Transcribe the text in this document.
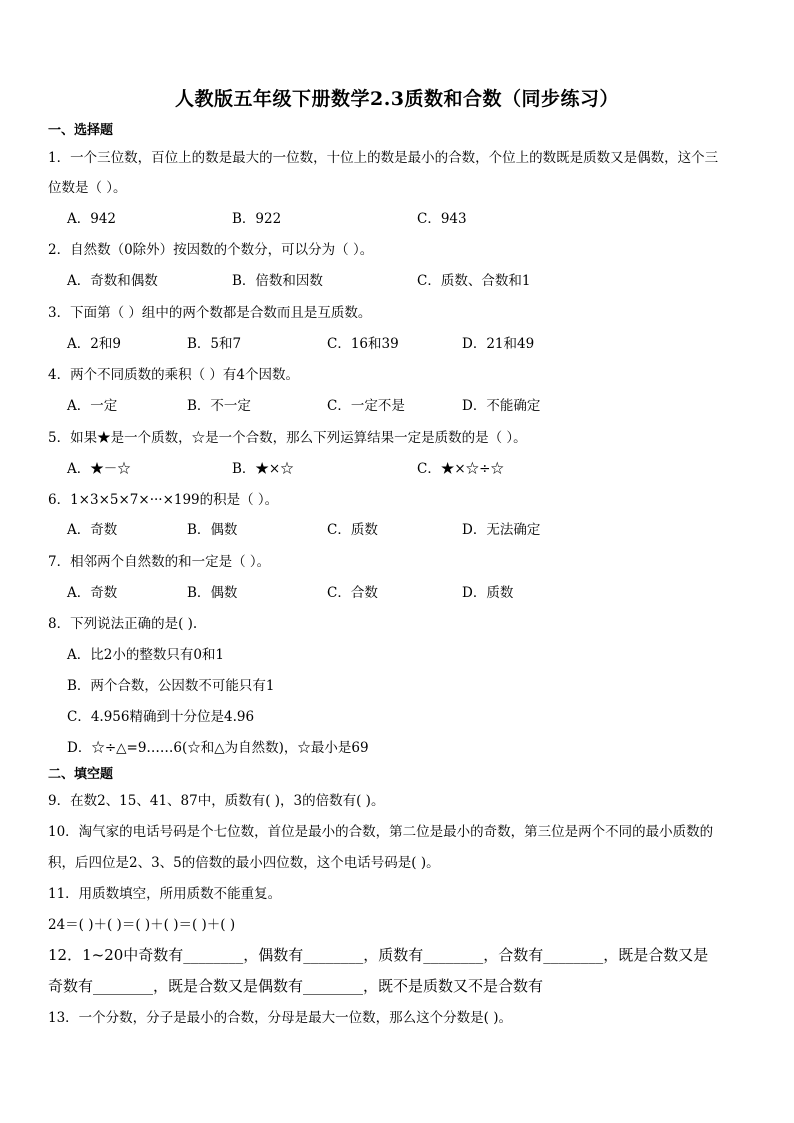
人教版五年级下册数学2.3质数和合数（同步练习）
一、选择题
1．一个三位数，百位上的数是最大的一位数，十位上的数是最小的合数，个位上的数既是质数又是偶数，这个三
位数是（ ）。
A．942	B．922	C．943
2．自然数（0除外）按因数的个数分，可以分为（ ）。
A．奇数和偶数	B．倍数和因数	C．质数、合数和1
3．下面第（ ）组中的两个数都是合数而且是互质数。
A．2和9	B．5和7	C．16和39	D．21和49
4．两个不同质数的乘积（ ）有4个因数。
A．一定	B．不一定	C．一定不是	D．不能确定
5．如果★是一个质数，☆是一个合数，那么下列运算结果一定是质数的是（ ）。
A．★－☆	B．★×☆	C．★×☆÷☆
6．1×3×5×7×···×199的积是（ ）。
A．奇数	B．偶数	C．质数	D．无法确定
7．相邻两个自然数的和一定是（ ）。
A．奇数	B．偶数	C．合数	D．质数
8．下列说法正确的是( ).
A．比2小的整数只有0和1
B．两个合数，公因数不可能只有1
C．4.956精确到十分位是4.96
D．☆÷△=9……6(☆和△为自然数)，☆最小是69
二、填空题
9．在数2、15、41、87中，质数有( )，3的倍数有( )。
10．淘气家的电话号码是个七位数，首位是最小的合数，第二位是最小的奇数，第三位是两个不同的最小质数的
积，后四位是2、3、5的倍数的最小四位数，这个电话号码是( )。
11．用质数填空，所用质数不能重复。
24＝( )＋( )＝( )＋( )＝( )＋( )
12．1~20中奇数有________，偶数有________，质数有________，合数有________，既是合数又是
奇数有________，既是合数又是偶数有________，既不是质数又不是合数有
13．一个分数，分子是最小的合数，分母是最大一位数，那么这个分数是( )。
